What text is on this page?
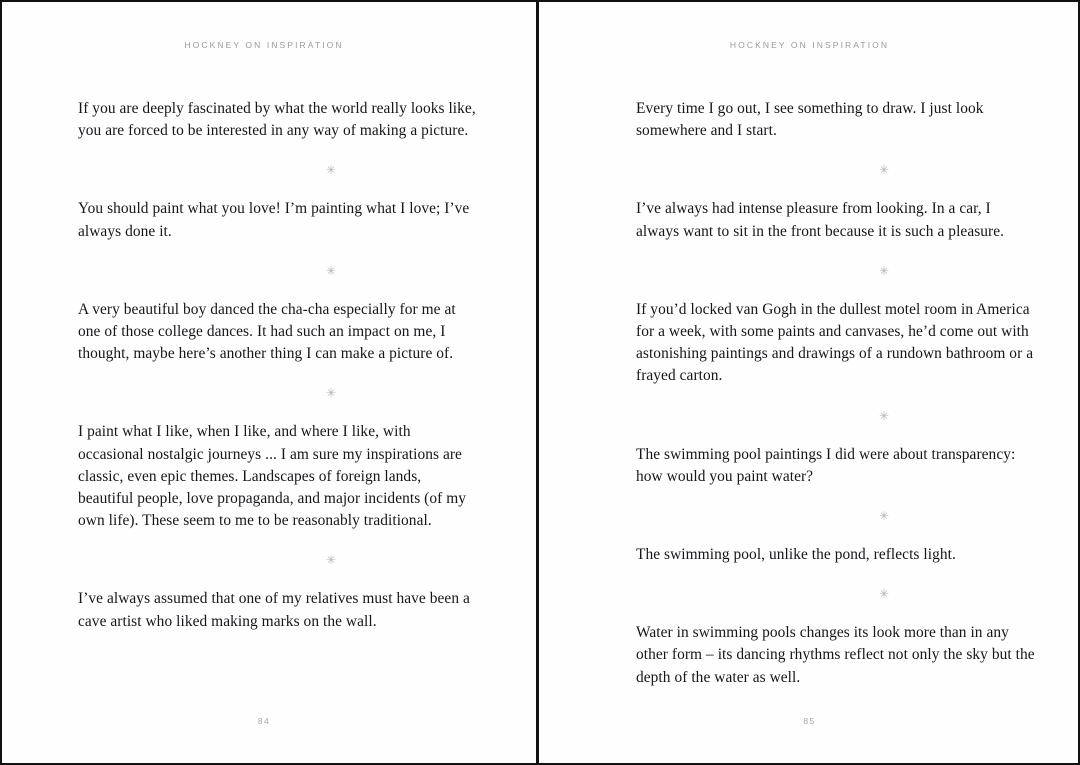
HOCKNEY ON INSPIRATION

If you are deeply fascinated by what the world really looks like, you are forced to be interested in any way of making a picture.

✳

You should paint what you love! I’m painting what I love; I’ve always done it.

✳

A very beautiful boy danced the cha-cha especially for me at one of those college dances. It had such an impact on me, I thought, maybe here’s another thing I can make a picture of.

✳

I paint what I like, when I like, and where I like, with occasional nostalgic journeys ... I am sure my inspirations are classic, even epic themes. Landscapes of foreign lands, beautiful people, love propaganda, and major incidents (of my own life). These seem to me to be reasonably traditional.

✳

I’ve always assumed that one of my relatives must have been a cave artist who liked making marks on the wall.

84
HOCKNEY ON INSPIRATION

Every time I go out, I see something to draw. I just look somewhere and I start.

✳

I’ve always had intense pleasure from looking. In a car, I always want to sit in the front because it is such a pleasure.

✳

If you’d locked van Gogh in the dullest motel room in America for a week, with some paints and canvases, he’d come out with astonishing paintings and drawings of a rundown bathroom or a frayed carton.

✳

The swimming pool paintings I did were about transparency: how would you paint water?

✳

The swimming pool, unlike the pond, reflects light.

✳

Water in swimming pools changes its look more than in any other form – its dancing rhythms reflect not only the sky but the depth of the water as well.

85
